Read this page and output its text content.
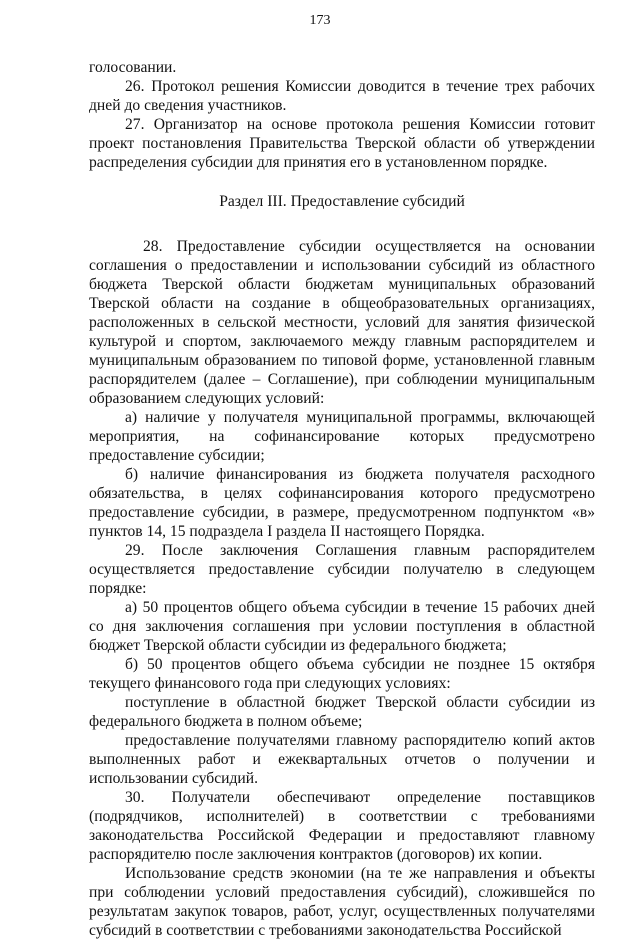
173

голосовании.

26. Протокол решения Комиссии доводится в течение трех рабочих дней до сведения участников.

27. Организатор на основе протокола решения Комиссии готовит проект постановления Правительства Тверской области об утверждении распределения субсидии для принятия его в установленном порядке.

Раздел III. Предоставление субсидий

28. Предоставление субсидии осуществляется на основании соглашения о предоставлении и использовании субсидий из областного бюджета Тверской области бюджетам муниципальных образований Тверской области на создание в общеобразовательных организациях, расположенных в сельской местности, условий для занятия физической культурой и спортом, заключаемого между главным распорядителем и муниципальным образованием по типовой форме, установленной главным распорядителем (далее – Соглашение), при соблюдении муниципальным образованием следующих условий:

а) наличие у получателя муниципальной программы, включающей мероприятия, на софинансирование которых предусмотрено предоставление субсидии;

б) наличие финансирования из бюджета получателя расходного обязательства, в целях софинансирования которого предусмотрено предоставление субсидии, в размере, предусмотренном подпунктом «в» пунктов 14, 15 подраздела I раздела II настоящего Порядка.

29. После заключения Соглашения главным распорядителем осуществляется предоставление субсидии получателю в следующем порядке:

а) 50 процентов общего объема субсидии в течение 15 рабочих дней со дня заключения соглашения при условии поступления в областной бюджет Тверской области субсидии из федерального бюджета;

б) 50 процентов общего объема субсидии не позднее 15 октября текущего финансового года при следующих условиях:

поступление в областной бюджет Тверской области субсидии из федерального бюджета в полном объеме;

предоставление получателями главному распорядителю копий актов выполненных работ и ежеквартальных отчетов о получении и использовании субсидий.

30. Получатели обеспечивают определение поставщиков (подрядчиков, исполнителей) в соответствии с требованиями законодательства Российской Федерации и предоставляют главному распорядителю после заключения контрактов (договоров) их копии.

Использование средств экономии (на те же направления и объекты при соблюдении условий предоставления субсидий), сложившейся по результатам закупок товаров, работ, услуг, осуществленных получателями субсидий в соответствии с требованиями законодательства Российской
